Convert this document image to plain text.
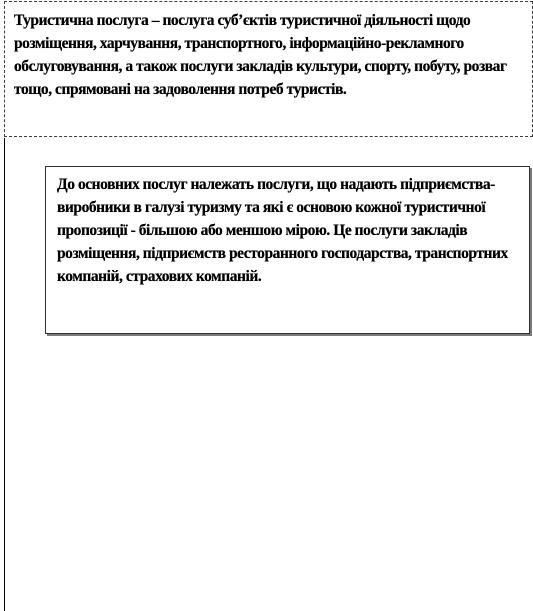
Туристична послуга – послуга суб’єктів туристичної діяльності щодо розміщення, харчування, транспортного, інформаційно-рекламного обслуговування, а також послуги закладів культури, спорту, побуту, розваг тощо, спрямовані на задоволення потреб туристів.

До основних послуг належать послуги, що надають підприємства-виробники в галузі туризму та які є основою кожної туристичної пропозиції - більшою або меншою мірою. Це послуги закладів розміщення, підприємств ресторанного господарства, транспортних компаній, страхових компаній.
